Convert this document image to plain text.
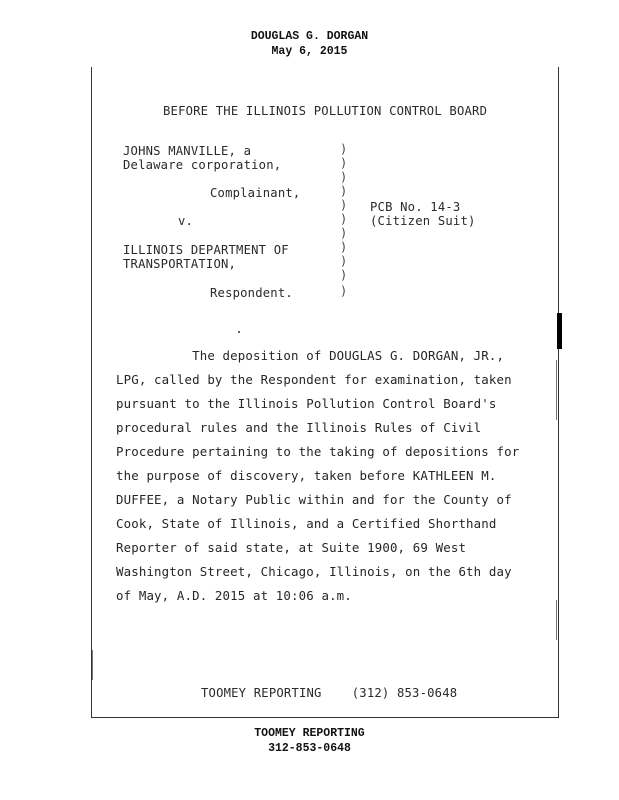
DOUGLAS G. DORGAN
May 6, 2015
BEFORE THE ILLINOIS POLLUTION CONTROL BOARD
JOHNS MANVILLE, a
Delaware corporation,
Complainant,
v.
ILLINOIS DEPARTMENT OF
TRANSPORTATION,
Respondent.
)
)
)
)
)
)
)
)
)
)
)
PCB No. 14-3
(Citizen Suit)
The deposition of DOUGLAS G. DORGAN, JR.,
LPG, called by the Respondent for examination, taken
pursuant to the Illinois Pollution Control Board's
procedural rules and the Illinois Rules of Civil
Procedure pertaining to the taking of depositions for
the purpose of discovery, taken before KATHLEEN M.
DUFFEE, a Notary Public within and for the County of
Cook, State of Illinois, and a Certified Shorthand
Reporter of said state, at Suite 1900, 69 West
Washington Street, Chicago, Illinois, on the 6th day
of May, A.D. 2015 at 10:06 a.m.
TOOMEY REPORTING    (312) 853-0648
TOOMEY REPORTING
312-853-0648
